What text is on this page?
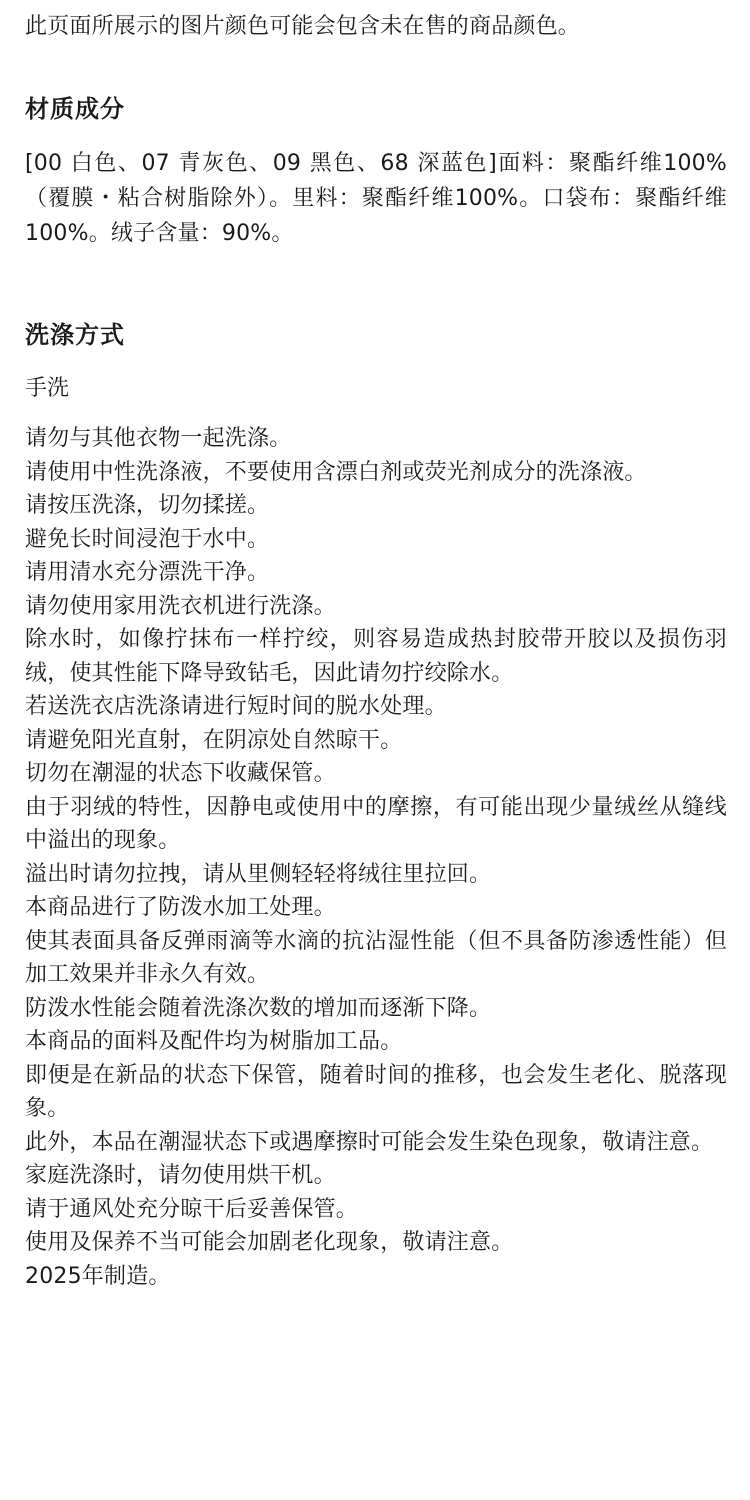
此页面所展示的图片颜色可能会包含未在售的商品颜色。
材质成分
[00 白色、07 青灰色、09 黑色、68 深蓝色]面料：聚酯纤维100%（覆膜・粘合树脂除外）。里料：聚酯纤维100%。口袋布：聚酯纤维100%。绒子含量：90%。
洗涤方式
手洗
请勿与其他衣物一起洗涤。
请使用中性洗涤液，不要使用含漂白剂或荧光剂成分的洗涤液。
请按压洗涤，切勿揉搓。
避免长时间浸泡于水中。
请用清水充分漂洗干净。
请勿使用家用洗衣机进行洗涤。
除水时，如像拧抹布一样拧绞，则容易造成热封胶带开胶以及损伤羽绒，使其性能下降导致钻毛，因此请勿拧绞除水。
若送洗衣店洗涤请进行短时间的脱水处理。
请避免阳光直射，在阴凉处自然晾干。
切勿在潮湿的状态下收藏保管。
由于羽绒的特性，因静电或使用中的摩擦，有可能出现少量绒丝从缝线中溢出的现象。
溢出时请勿拉拽，请从里侧轻轻将绒往里拉回。
本商品进行了防泼水加工处理。
使其表面具备反弹雨滴等水滴的抗沾湿性能（但不具备防渗透性能）但加工效果并非永久有效。
防泼水性能会随着洗涤次数的增加而逐渐下降。
本商品的面料及配件均为树脂加工品。
即便是在新品的状态下保管，随着时间的推移，也会发生老化、脱落现象。
此外，本品在潮湿状态下或遇摩擦时可能会发生染色现象，敬请注意。
家庭洗涤时，请勿使用烘干机。
请于通风处充分晾干后妥善保管。
使用及保养不当可能会加剧老化现象，敬请注意。
2025年制造。
